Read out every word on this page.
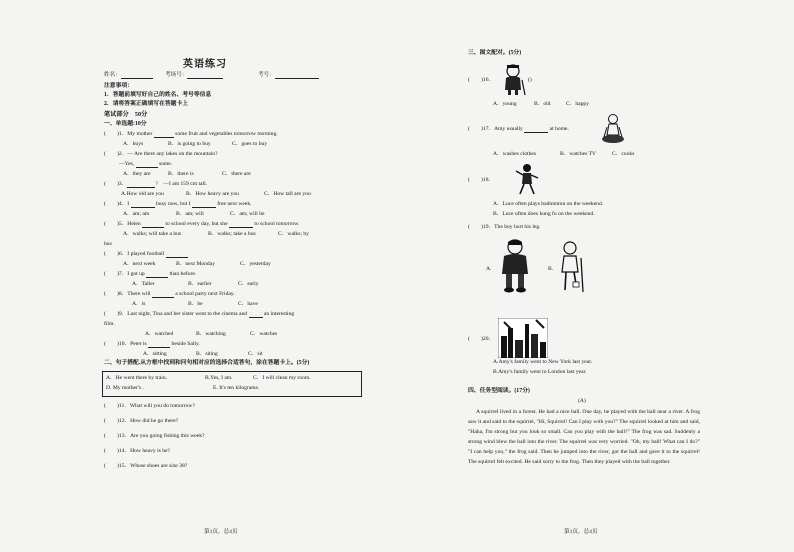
英语练习
姓名：	考场号：	考号：
注意事项：
1．答题前填写好自己的姓名、考号等信息
2．请将答案正确填写在答题卡上
笔试部分　50分
一、单选题:10分
(　　)1．My mother	some fruit and vegetables tomorrow morning.
A．buys	B．is going to buy	C．goes to buy
(　　)2．— Are there any lakes on the mountain?
—Yes,	some.
A．they are	B．there is	C．there are
(　　)3．	?　—I am 159 cm tall.
A.How old are you	B．How heavy are you	C．How tall are you
(　　)4．I	busy now, but I	free next week.
A．am; am	B．am; will	C．am; will be
(　　)5．Helen	to school every day, but she	to school tomorrow.
A．walks; will take a bus	B．walks; take a bus	C．walks; by
bus
(　　)6．I played football
A．next week	B．next Monday	C．yesterday
(　　)7．I got up	than before.
A．Taller	B．earlier	C．early
(　　)8．There will	a school party next Friday.
A．is	B．be	C．have
(　　)9．Last night, Tina and her sister went to the cinema and	an interesting
film.
A．watched	B．watching	C．watches
(　　)10．Peter is	beside Sally.
A．sitting	B．siting	C．sit
二、句子搭配.从方框中找到和问句相对应的选择合适答句，涂在答题卡上。(5分)
A．He went there by train.	B.Yes, I am.	C．I will clean my room.
D. My mother's .	E. It's ten kilograms.
(　　)11．What will you do tomorrow?
(　　)12．How did he go there?
(　　)13．Are you going fishing this week?
(　　)14．How heavy is he?
(　　)15．Whose shoes are size 38?
第1页，总4页
三、图文配对。(5分)
(　　)16．	()
A．young	B．old	C．happy
(　　)17．Amy usually	at home.
A．washes clothes	B．watches TV	C．cooks
(　　)18．
A．Luce often plays badminton on the weekend.
B．Luce often does kung fu on the weekend.
(　　)19．The boy hurt his leg.
A.	B.
(　　)20．
A.Amy's family went to New York last year.
B.Amy's family went to London last year.
四、任务型阅读。(17分)
(A)
A squirrel lived in a forest. He had a nice ball. One day, he played with the ball near a river. A frog saw it and said to the squirrel, "Hi, Squirrel! Can I play with you?" The squirrel looked at him and said, "Haha, I'm strong but you look so small. Can you play with the ball?" The frog was sad. Suddenly a strong wind blew the ball into the river. The squirrel was very worried. "Oh, my ball! What can I do?" "I can help you," the frog said. Then he jumped into the river, got the ball and gave it to the squirrel! The squirrel felt excited. He said sorry to the frog. Then they played with the ball together.
第1页，总4页
